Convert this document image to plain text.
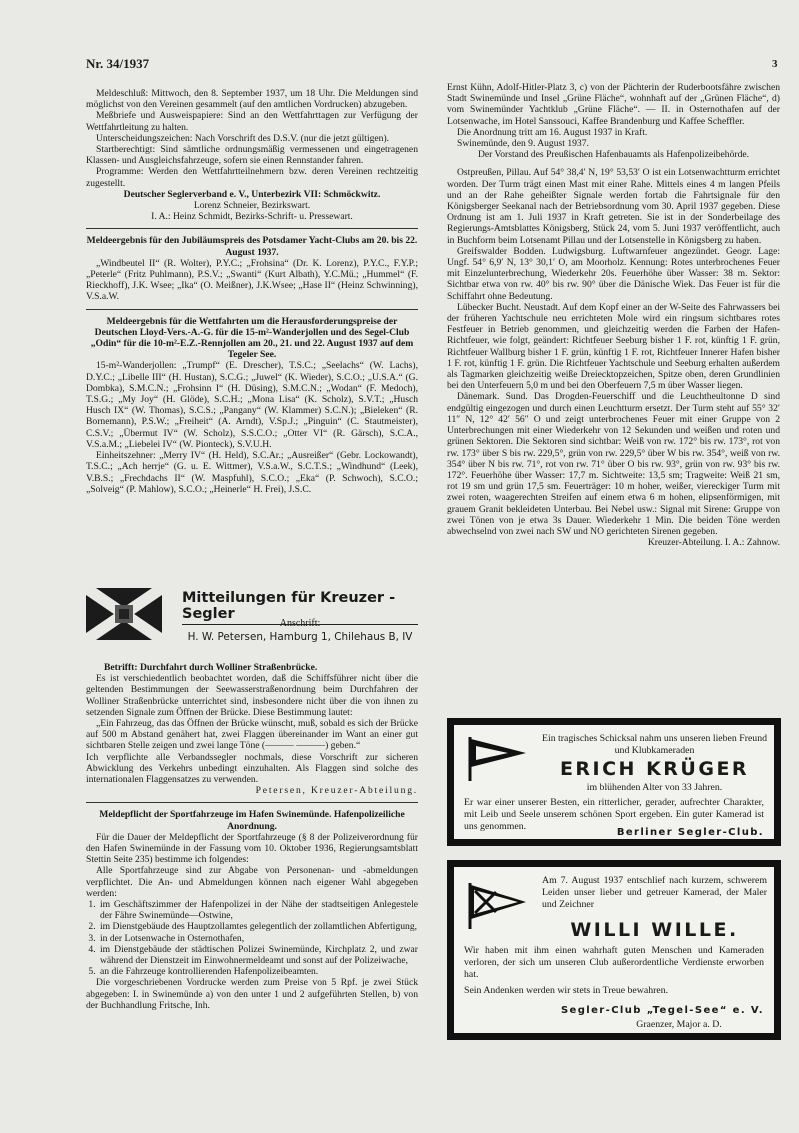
Nr. 34/1937	3

Meldeschluß: Mittwoch, den 8. September 1937, um 18 Uhr. Die Meldungen sind möglichst von den Vereinen gesammelt (auf den amtlichen Vordrucken) abzugeben.

Meßbriefe und Ausweispapiere: Sind an den Wettfahrttagen zur Verfügung der Wettfahrtleitung zu halten.

Unterscheidungszeichen: Nach Vorschrift des D.S.V. (nur die jetzt gültigen).

Startberechtigt: Sind sämtliche ordnungsmäßig vermessenen und eingetragenen Klassen- und Ausgleichsfahrzeuge, sofern sie einen Rennstander fahren.

Programme: Werden den Wettfahrtteilnehmern bzw. deren Vereinen rechtzeitig zugestellt.

Deutscher Seglerverband e. V., Unterbezirk VII: Schmöckwitz.

Lorenz Schneier, Bezirkswart.

I. A.: Heinz Schmidt, Bezirks-Schrift- u. Pressewart.

Meldeergebnis für den Jubiläumspreis des Potsdamer Yacht-Clubs am 20. bis 22. August 1937.

„Windbeutel II“ (R. Wolter), P.Y.C.; „Frohsina“ (Dr. K. Lorenz), P.Y.C., F.Y.P.; „Peterle“ (Fritz Puhlmann), P.S.V.; „Swanti“ (Kurt Albath), Y.C.Mü.; „Hummel“ (F. Rieckhoff), J.K. Wsee; „Ika“ (O. Meißner), J.K.Wsee; „Hase II“ (Heinz Schwinning), V.S.a.W.

Meldeergebnis für die Wettfahrten um die Herausforderungspreise der Deutschen Lloyd-Vers.-A.-G. für die 15-m²-Wanderjollen und des Segel-Club „Odin“ für die 10-m²-E.Z.-Rennjollen am 20., 21. und 22. August 1937 auf dem Tegeler See.

15-m²-Wanderjollen: „Trumpf“ (E. Drescher), T.S.C.; „Seelachs“ (W. Lachs), D.Y.C.; „Libelle III“ (H. Hustan), S.C.G.; „Juwel“ (K. Wieder), S.C.O.; „U.S.A.“ (G. Dombka), S.M.C.N.; „Frohsinn I“ (H. Düsing), S.M.C.N.; „Wodan“ (F. Medoch), T.S.G.; „My Joy“ (H. Glöde), S.C.H.; „Mona Lisa“ (K. Scholz), S.V.T.; „Husch Husch IX“ (W. Thomas), S.C.S.; „Pangany“ (W. Klammer) S.C.N.); „Bieleken“ (R. Bornemann), P.S.W.; „Freiheit“ (A. Arndt), V.Sp.J.; „Pinguin“ (C. Stautmeister), C.S.V.; „Übermut IV“ (W. Scholz), S.S.C.O.; „Otter VI“ (R. Gärsch), S.C.A., V.S.a.M.; „Liebelei IV“ (W. Pionteck), S.V.U.H.

Einheitszehner: „Merry IV“ (H. Held), S.C.Ar.; „Ausreißer“ (Gebr. Lockowandt), T.S.C.; „Ach herrje“ (G. u. E. Wittmer), V.S.a.W., S.C.T.S.; „Windhund“ (Leek), V.B.S.; „Frechdachs II“ (W. Maspfuhl), S.C.O.; „Eka“ (P. Schwoch), S.C.O.; „Solveig“ (P. Mahlow), S.C.O.; „Heinerle“ H. Frei), J.S.C.

Mitteilungen für Kreuzer - Segler
Anschrift:
H. W. Petersen, Hamburg 1, Chilehaus B, IV

Betrifft: Durchfahrt durch Wolliner Straßenbrücke.

Es ist verschiedentlich beobachtet worden, daß die Schiffsführer nicht über die geltenden Bestimmungen der Seewasserstraßenordnung beim Durchfahren der Wolliner Straßenbrücke unterrichtet sind, insbesondere nicht über die von ihnen zu setzenden Signale zum Öffnen der Brücke. Diese Bestimmung lautet:

„Ein Fahrzeug, das das Öffnen der Brücke wünscht, muß, sobald es sich der Brücke auf 500 m Abstand genähert hat, zwei Flaggen übereinander im Want an einer gut sichtbaren Stelle zeigen und zwei lange Töne (——— ———) geben.“

Ich verpflichte alle Verbandssegler nochmals, diese Vorschrift zur sicheren Abwicklung des Verkehrs unbedingt einzuhalten. Als Flaggen sind solche des internationalen Flaggensatzes zu verwenden.

Petersen, Kreuzer-Abteilung.

Meldepflicht der Sportfahrzeuge im Hafen Swinemünde. Hafenpolizeiliche Anordnung.

Für die Dauer der Meldepflicht der Sportfahrzeuge (§ 8 der Polizeiverordnung für den Hafen Swinemünde in der Fassung vom 10. Oktober 1936, Regierungsamtsblatt Stettin Seite 235) bestimme ich folgendes:

Alle Sportfahrzeuge sind zur Abgabe von Personenan- und -abmeldungen verpflichtet. Die An- und Abmeldungen können nach eigener Wahl abgegeben werden:

1. im Geschäftszimmer der Hafenpolizei in der Nähe der stadtseitigen Anlegestele der Fähre Swinemünde—Ostwine,
2. im Dienstgebäude des Hauptzollamtes gelegentlich der zollamtlichen Abfertigung,
3. in der Lotsenwache in Osternothafen,
4. im Dienstgebäude der städtischen Polizei Swinemünde, Kirchplatz 2, und zwar während der Dienstzeit im Einwohnermeldeamt und sonst auf der Polizeiwache,
5. an die Fahrzeuge kontrollierenden Hafenpolizeibeamten.

Die vorgeschriebenen Vordrucke werden zum Preise von 5 Rpf. je zwei Stück abgegeben: I. in Swinemünde a) von den unter 1 und 2 aufgeführten Stellen, b) von der Buchhandlung Fritsche, Inh.

Ernst Kühn, Adolf-Hitler-Platz 3, c) von der Pächterin der Ruderbootsfähre zwischen Stadt Swinemünde und Insel „Grüne Fläche“, wohnhaft auf der „Grünen Fläche“, d) vom Swinemünder Yachtklub „Grüne Fläche“. — II. in Osternothafen auf der Lotsenwache, im Hotel Sanssouci, Kaffee Brandenburg und Kaffee Scheffler.

Die Anordnung tritt am 16. August 1937 in Kraft.

Swinemünde, den 9. August 1937.

Der Vorstand des Preußischen Hafenbauamts als Hafenpolizeibehörde.

Ostpreußen, Pillau. Auf 54° 38,4′ N, 19° 53,53′ O ist ein Lotsenwachtturm errichtet worden. Der Turm trägt einen Mast mit einer Rahe. Mittels eines 4 m langen Pfeils und an der Rahe geheißter Signale werden fortab die Fahrtsignale für den Königsberger Seekanal nach der Betriebsordnung vom 30. April 1937 gegeben. Diese Ordnung ist am 1. Juli 1937 in Kraft getreten. Sie ist in der Sonderbeilage des Regierungs-Amtsblattes Königsberg, Stück 24, vom 5. Juni 1937 veröffentlicht, auch in Buchform beim Lotsenamt Pillau und der Lotsenstelle in Königsberg zu haben.

Greifswalder Bodden. Ludwigsburg. Luftwarnfeuer angezündet. Geogr. Lage: Ungf. 54° 6,9′ N, 13° 30,1′ O, am Moorholz. Kennung: Rotes unterbrochenes Feuer mit Einzelunterbrechung, Wiederkehr 20s. Feuerhöhe über Wasser: 38 m. Sektor: Sichtbar etwa von rw. 40° bis rw. 90° über die Dänische Wiek. Das Feuer ist für die Schiffahrt ohne Bedeutung.

Lübecker Bucht. Neustadt. Auf dem Kopf einer an der W-Seite des Fahrwassers bei der früheren Yachtschule neu errichteten Mole wird ein ringsum sichtbares rotes Festfeuer in Betrieb genommen, und gleichzeitig werden die Farben der Hafen-Richtfeuer, wie folgt, geändert: Richtfeuer Seeburg bisher 1 F. rot, künftig 1 F. grün, Richtfeuer Wallburg bisher 1 F. grün, künftig 1 F. rot, Richtfeuer Innerer Hafen bisher 1 F. rot, künftig 1 F. grün. Die Richtfeuer Yachtschule und Seeburg erhalten außerdem als Tagmarken gleichzeitig weiße Dreiecktopzeichen, Spitze oben, deren Grundlinien bei den Unterfeuern 5,0 m und bei den Oberfeuern 7,5 m über Wasser liegen.

Dänemark. Sund. Das Drogden-Feuerschiff und die Leuchtheultonne D sind endgültig eingezogen und durch einen Leuchtturm ersetzt. Der Turm steht auf 55° 32′ 11″ N, 12° 42′ 56″ O und zeigt unterbrochenes Feuer mit einer Gruppe von 2 Unterbrechungen mit einer Wiederkehr von 12 Sekunden und weißen und roten und grünen Sektoren. Die Sektoren sind sichtbar: Weiß von rw. 172° bis rw. 173°, rot von rw. 173° über S bis rw. 229,5°, grün von rw. 229,5° über W bis rw. 354°, weiß von rw. 354° über N bis rw. 71°, rot von rw. 71° über O bis rw. 93°, grün von rw. 93° bis rw. 172°. Feuerhöhe über Wasser: 17,7 m. Sichtweite: 13,5 sm; Tragweite: Weiß 21 sm, rot 19 sm und grün 17,5 sm. Feuerträger: 10 m hoher, weißer, viereckiger Turm mit zwei roten, waagerechten Streifen auf einem etwa 6 m hohen, elipsenförmigen, mit grauem Granit bekleideten Unterbau. Bei Nebel usw.: Signal mit Sirene: Gruppe von zwei Tönen von je etwa 3s Dauer. Wiederkehr 1 Min. Die beiden Töne werden abwechselnd von zwei nach SW und NO gerichteten Sirenen gegeben.

Kreuzer-Abteilung. I. A.: Zahnow.

Ein tragisches Schicksal nahm uns unseren lieben Freund und Klubkameraden
ERICH KRÜGER
im blühenden Alter von 33 Jahren.
Er war einer unserer Besten, ein ritterlicher, gerader, aufrechter Charakter, mit Leib und Seele unserem schönen Sport ergeben. Ein guter Kamerad ist uns genommen.
Berliner Segler-Club.
Am 7. August 1937 entschlief nach kurzem, schwerem Leiden unser lieber und getreuer Kamerad, der Maler und Zeichner
WILLI WILLE.
Wir haben mit ihm einen wahrhaft guten Menschen und Kameraden verloren, der sich um unseren Club außerordentliche Verdienste erworben hat.
Sein Andenken werden wir stets in Treue bewahren.
Segler-Club „Tegel-See“ e. V.
Graenzer, Major a. D.
